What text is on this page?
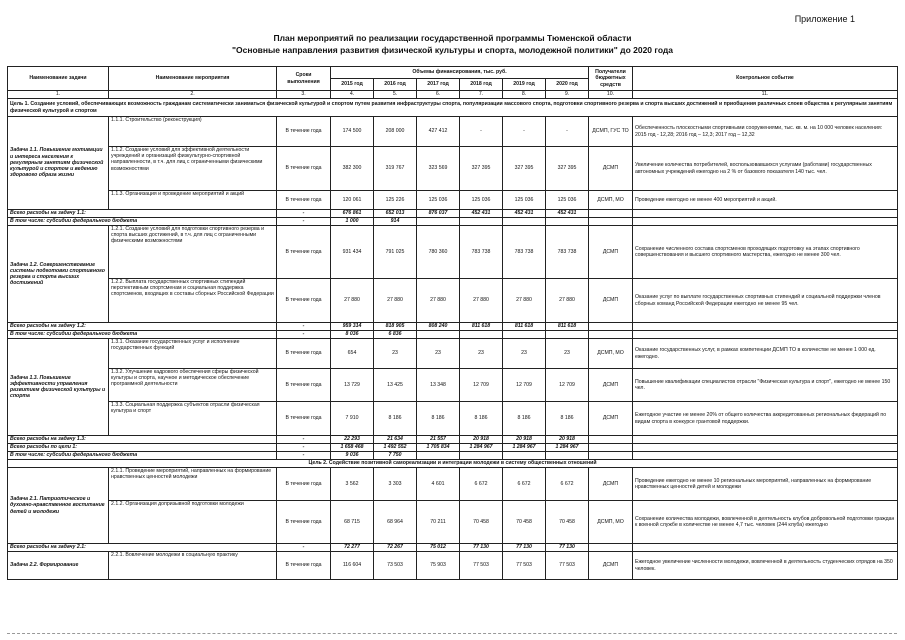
Приложение 1
План мероприятий по реализации государственной программы Тюменской области
"Основные направления развития физической культуры и спорта, молодежной политики" до 2020 года
Наименование задачи	Наименование мероприятия	Сроки выполнения	Объемы финансирования, тыс. руб.						Получатели бюджетных средств	Контрольное событие
			2015 год	2016 год	2017 год	2018 год	2019 год	2020 год		
1.	2.	3.	4.	5.	6.	7.	8.	9.	10.	11.
Цель 1. Создание условий, обеспечивающих возможность гражданам систематически заниматься физической культурой и спортом путем развития инфраструктуры спорта, популяризации массового спорта, подготовки спортивного резерва и спорта высших достижений и приобщения различных слоев общества к регулярным занятиям физической культурой и спортом										
Задача 1.1. Повышение мотивации и интереса населения к регулярным занятиям физической культурой и спортом и ведению здорового образа жизни	1.1.1. Строительство (реконструкция)	В течение года	174 500	208 000	427 412	-	-	-	ДСМП, ГУС ТО	Обеспеченность плоскостными спортивными сооружениями, тыс. кв. м. на 10 000 человек населения: 2015 год - 12,28; 2016 год – 12,3; 2017 год – 12,32
	1.1.2. Создание условий для эффективной деятельности учреждений и организаций физкультурно-спортивной направленности, в т.ч. для лиц с ограниченными физическими возможностями	В течение года	382 300	319 767	323 569	327 395	327 395	327 395	ДСМП	Увеличение количества потребителей, воспользовавшихся услугами (работами) государственных автономных учреждений ежегодно на 2 % от базового показателя 140 тыс. чел.
	1.1.3. Организация и проведение мероприятий и акций	В течение года	120 061	125 226	125 036	125 036	125 036	125 036	ДСМП, МО	Проведение ежегодно не менее 400 мероприятий и акций.
Всего расходы на задачу 1.1:		-	676 861	652 013	876 037	452 431	452 431	452 431		
В том числе: субсидии федерального бюджета		-	1 000	914						
Задача 1.2. Совершенствование системы подготовки спортивного резерва и спорта высших достижений	1.2.1. Создание условий для подготовки спортивного резерва и спорта высших достижений, в т.ч. для лиц с ограниченными физическими возможностями	В течение года	931 434	791 025	780 360	783 738	783 738	783 738	ДСМП	Сохранение численного состава спортсменов проходящих подготовку на этапах спортивного совершенствования и высшего спортивного мастерства, ежегодно не менее 300 чел.
	1.2.2. Выплата государственных спортивных стипендий перспективным спортсменам и социальная поддержка спортсменов, входящих в составы сборных Российской Федерации	В течение года	27 880	27 880	27 880	27 880	27 880	27 880	ДСМП	Оказание услуг по выплате государственных спортивных стипендий и социальной поддержки членов сборных команд Российской Федерации ежегодно не менее 95 чел.
Всего расходы на задачу 1.2:		-	959 314	818 905	808 240	811 618	811 618	811 618		
В том числе: субсидии федерального бюджета		-	8 036	6 836						
Задача 1.3. Повышение эффективности управления развитием физической культуры и спорта	1.3.1. Оказание государственных услуг и исполнение государственных функций	В течение года	654	23	23	23	23	23	ДСМП, МО	Оказание государственных услуг, в рамках компетенции ДСМП ТО в количестве не менее 1 000 ед. ежегодно.
	1.3.2. Улучшение кадрового обеспечения сферы физической культуры и спорта, научное и методическое обеспечение программной деятельности	В течение года	13 729	13 425	13 348	12 709	12 709	12 709	ДСМП	Повышение квалификации специалистов отрасли "Физическая культура и спорт", ежегодно не менее 150 чел.
	1.3.3. Социальная поддержка субъектов отрасли физическая культура и спорт	В течение года	7 910	8 186	8 186	8 186	8 186	8 186	ДСМП	Ежегодное участие не менее 20% от общего количества аккредитованных региональных федераций по видам спорта в конкурсе грантовой поддержки.
Всего расходы на задачу 1.3:		-	22 293	21 634	21 557	20 918	20 918	20 918		
Всего расходы по цели 1:		-	1 658 468	1 492 552	1 705 834	1 284 967	1 284 967	1 284 967		
В том числе: субсидии федерального бюджета		-	9 036	7 750						
Цель 2. Содействие позитивной самореализации и интеграции молодежи в систему общественных отношений										
Задача 2.1. Патриотическое и духовно-нравственное воспитание детей и молодежи	2.1.1. Проведение мероприятий, направленных на формирование нравственных ценностей молодежи	В течение года	3 562	3 303	4 601	6 672	6 672	6 672	ДСМП	Проведение ежегодно не менее 10 региональных мероприятий, направленных на формирование нравственных ценностей детей и молодежи
	2.1.2. Организация допризывной подготовки молодежи	В течение года	68 715	68 964	70 211	70 458	70 458	70 458	ДСМП, МО	Сохранение количества молодежи, вовлеченной в деятельность клубов добровольной подготовки граждан к военной службе в количестве не менее 4,7 тыс. человек (244 клуба) ежегодно
Всего расходы на задачу 2.1:		-	72 277	72 267	75 012	77 130	77 130	77 130		
Задача 2.2. Формирование	2.2.1. Вовлечение молодежи в социальную практику	В течение года	116 604	73 503	75 903	77 503	77 503	77 503	ДСМП	Ежегодное увеличение численности молодежи, вовлеченной в деятельность студенческих отрядов на 350 человек.
